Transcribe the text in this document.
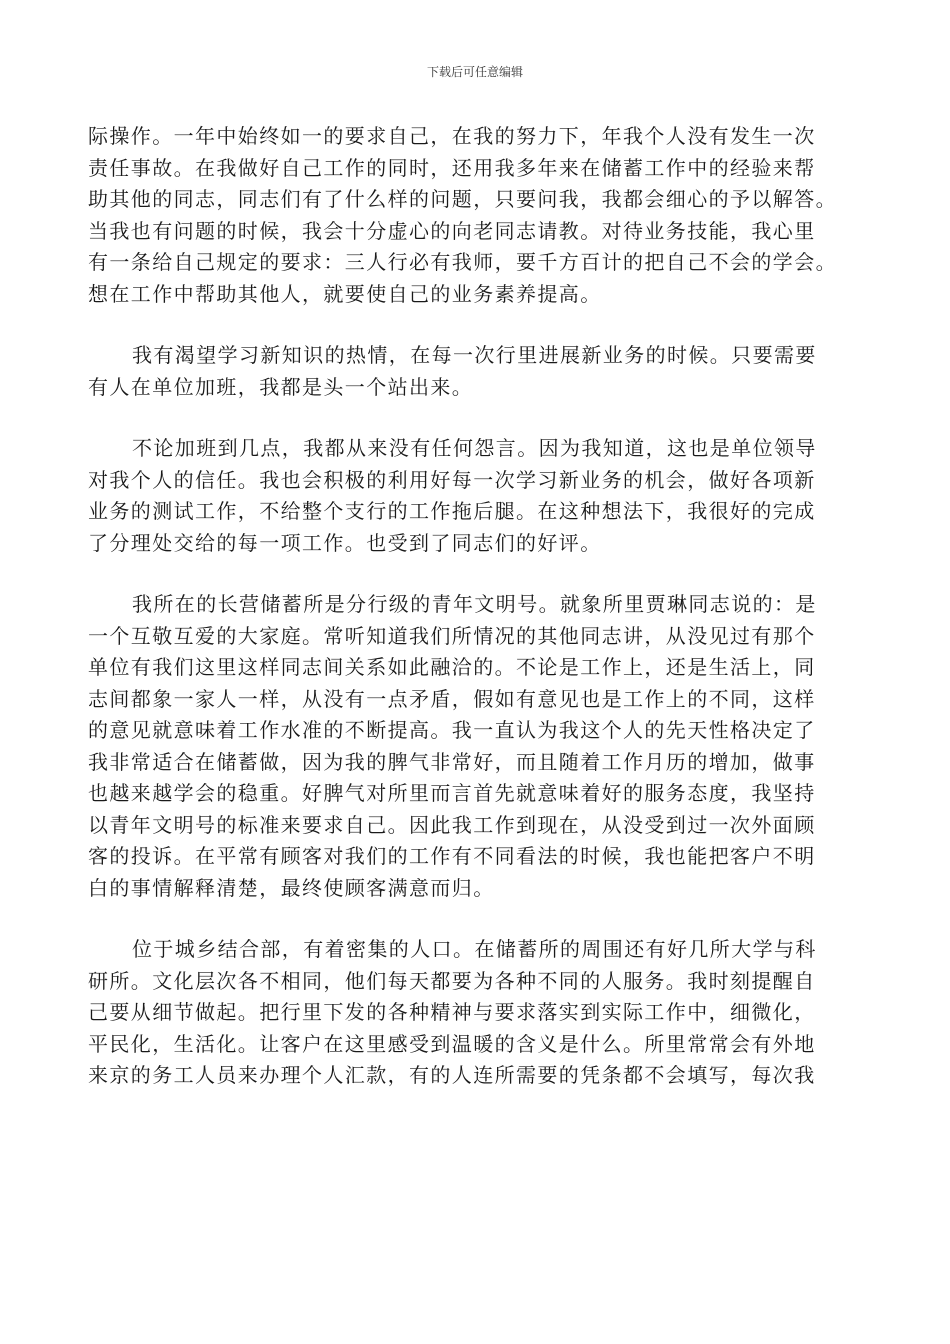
下载后可任意编辑
际操作。一年中始终如一的要求自己，在我的努力下，年我个人没有发生一次
责任事故。在我做好自己工作的同时，还用我多年来在储蓄工作中的经验来帮
助其他的同志，同志们有了什么样的问题，只要问我，我都会细心的予以解答。
当我也有问题的时候，我会十分虚心的向老同志请教。对待业务技能，我心里
有一条给自己规定的要求：三人行必有我师，要千方百计的把自己不会的学会。
想在工作中帮助其他人，就要使自己的业务素养提高。
我有渴望学习新知识的热情，在每一次行里进展新业务的时候。只要需要
有人在单位加班，我都是头一个站出来。
不论加班到几点，我都从来没有任何怨言。因为我知道，这也是单位领导
对我个人的信任。我也会积极的利用好每一次学习新业务的机会，做好各项新
业务的测试工作，不给整个支行的工作拖后腿。在这种想法下，我很好的完成
了分理处交给的每一项工作。也受到了同志们的好评。
我所在的长营储蓄所是分行级的青年文明号。就象所里贾琳同志说的：是
一个互敬互爱的大家庭。常听知道我们所情况的其他同志讲，从没见过有那个
单位有我们这里这样同志间关系如此融洽的。不论是工作上，还是生活上，同
志间都象一家人一样，从没有一点矛盾，假如有意见也是工作上的不同，这样
的意见就意味着工作水准的不断提高。我一直认为我这个人的先天性格决定了
我非常适合在储蓄做，因为我的脾气非常好，而且随着工作月历的增加，做事
也越来越学会的稳重。好脾气对所里而言首先就意味着好的服务态度，我坚持
以青年文明号的标准来要求自己。因此我工作到现在，从没受到过一次外面顾
客的投诉。在平常有顾客对我们的工作有不同看法的时候，我也能把客户不明
白的事情解释清楚，最终使顾客满意而归。
位于城乡结合部，有着密集的人口。在储蓄所的周围还有好几所大学与科
研所。文化层次各不相同，他们每天都要为各种不同的人服务。我时刻提醒自
己要从细节做起。把行里下发的各种精神与要求落实到实际工作中，细微化，
平民化，生活化。让客户在这里感受到温暖的含义是什么。所里常常会有外地
来京的务工人员来办理个人汇款，有的人连所需要的凭条都不会填写，每次我
